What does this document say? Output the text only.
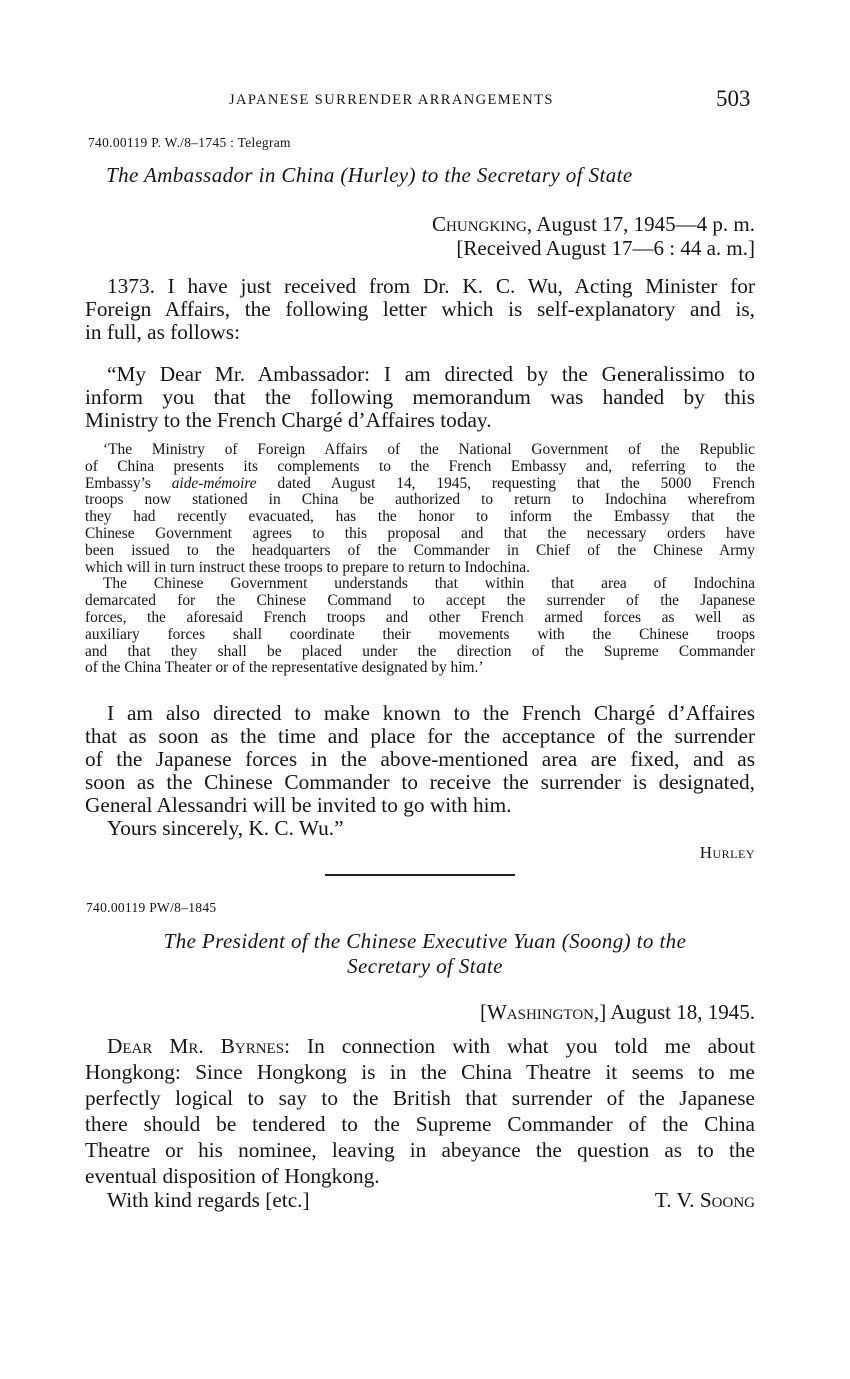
JAPANESE SURRENDER ARRANGEMENTS	503
740.00119 P. W./8–1745 : Telegram
The Ambassador in China (Hurley) to the Secretary of State
Chungking, August 17, 1945—4 p. m.
[Received August 17—6 : 44 a. m.]
1373. I have just received from Dr. K. C. Wu, Acting Minister for
Foreign Affairs, the following letter which is self-explanatory and is,
in full, as follows:
“My Dear Mr. Ambassador: I am directed by the Generalissimo to
inform you that the following memorandum was handed by this
Ministry to the French Chargé d’Affaires today.
‘The Ministry of Foreign Affairs of the National Government of the Republic
of China presents its complements to the French Embassy and, referring to the
Embassy’s aide-mémoire dated August 14, 1945, requesting that the 5000 French
troops now stationed in China be authorized to return to Indochina wherefrom
they had recently evacuated, has the honor to inform the Embassy that the
Chinese Government agrees to this proposal and that the necessary orders have
been issued to the headquarters of the Commander in Chief of the Chinese Army
which will in turn instruct these troops to prepare to return to Indochina.
The Chinese Government understands that within that area of Indochina
demarcated for the Chinese Command to accept the surrender of the Japanese
forces, the aforesaid French troops and other French armed forces as well as
auxiliary forces shall coordinate their movements with the Chinese troops
and that they shall be placed under the direction of the Supreme Commander
of the China Theater or of the representative designated by him.’
I am also directed to make known to the French Chargé d’Affaires
that as soon as the time and place for the acceptance of the surrender
of the Japanese forces in the above-mentioned area are fixed, and as
soon as the Chinese Commander to receive the surrender is designated,
General Alessandri will be invited to go with him.
Yours sincerely, K. C. Wu.”
Hurley
740.00119 PW/8–1845
The President of the Chinese Executive Yuan (Soong) to the
Secretary of State
[Washington,] August 18, 1945.
Dear Mr. Byrnes: In connection with what you told me about
Hongkong: Since Hongkong is in the China Theatre it seems to me
perfectly logical to say to the British that surrender of the Japanese
there should be tendered to the Supreme Commander of the China
Theatre or his nominee, leaving in abeyance the question as to the
eventual disposition of Hongkong.
With kind regards [etc.]	T. V. Soong
